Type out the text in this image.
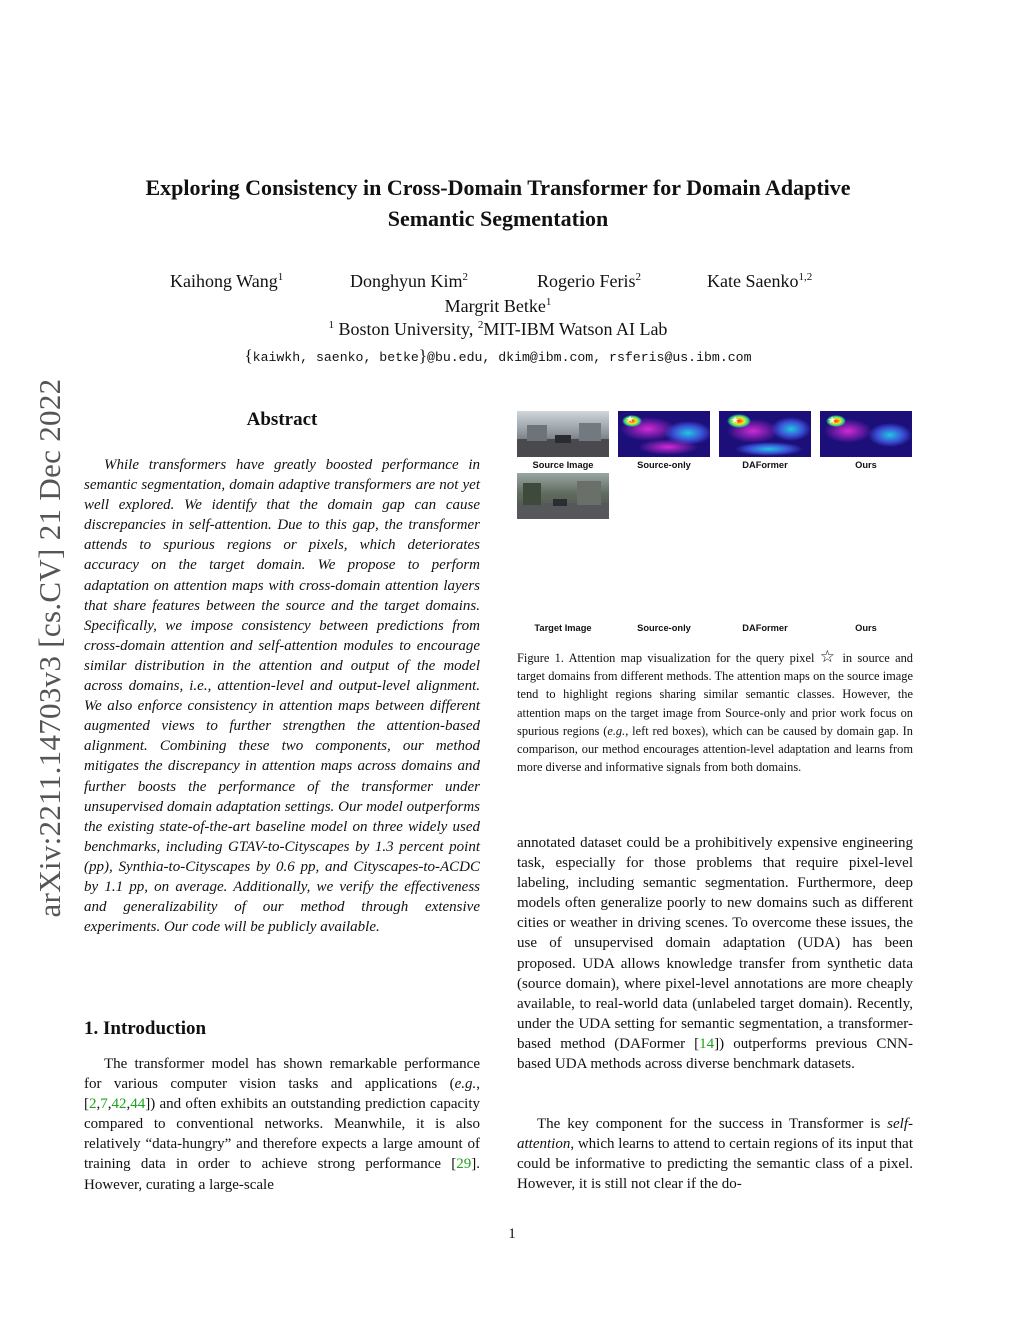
arXiv:2211.14703v3 [cs.CV] 21 Dec 2022
Exploring Consistency in Cross-Domain Transformer for Domain Adaptive
Semantic Segmentation
Kaihong Wang$^1$	Donghyun Kim$^2$	Rogerio Feris$^2$	Kate Saenko$^{1,2}$
Margrit Betke$^1$
$^1$ Boston University, $^2$MIT-IBM Watson AI Lab
{kaiwkh, saenko, betke}@bu.edu, dkim@ibm.com, rsferis@us.ibm.com
Abstract
While transformers have greatly boosted performance in semantic segmentation, domain adaptive transformers are not yet well explored. We identify that the domain gap can cause discrepancies in self-attention. Due to this gap, the transformer attends to spurious regions or pixels, which deteriorates accuracy on the target domain. We propose to perform adaptation on attention maps with cross-domain attention layers that share features between the source and the target domains. Specifically, we impose consistency between predictions from cross-domain attention and self-attention modules to encourage similar distribution in the attention and output of the model across domains, i.e., attention-level and output-level alignment. We also enforce consistency in attention maps between different augmented views to further strengthen the attention-based alignment. Combining these two components, our method mitigates the discrepancy in attention maps across domains and further boosts the performance of the transformer under unsupervised domain adaptation settings. Our model outperforms the existing state-of-the-art baseline model on three widely used benchmarks, including GTAV-to-Cityscapes by 1.3 percent point (pp), Synthia-to-Cityscapes by 0.6 pp, and Cityscapes-to-ACDC by 1.1 pp, on average. Additionally, we verify the effectiveness and generalizability of our method through extensive experiments. Our code will be publicly available.
1. Introduction
The transformer model has shown remarkable performance for various computer vision tasks and applications (e.g., [2,7,42,44]) and often exhibits an outstanding prediction capacity compared to conventional networks. Meanwhile, it is also relatively “data-hungry” and therefore expects a large amount of training data in order to achieve strong performance [29]. However, curating a large-scale
annotated dataset could be a prohibitively expensive engineering task, especially for those problems that require pixel-level labeling, including semantic segmentation. Furthermore, deep models often generalize poorly to new domains such as different cities or weather in driving scenes. To overcome these issues, the use of unsupervised domain adaptation (UDA) has been proposed. UDA allows knowledge transfer from synthetic data (source domain), where pixel-level annotations are more cheaply available, to real-world data (unlabeled target domain). Recently, under the UDA setting for semantic segmentation, a transformer-based method (DAFormer [14]) outperforms previous CNN-based UDA methods across diverse benchmark datasets.
The key component for the success in Transformer is self-attention, which learns to attend to certain regions of its input that could be informative to predicting the semantic class of a pixel. However, it is still not clear if the do-
★	★	★
Source Image	Source-only	DAFormer	Ours
Target Image	Source-only	DAFormer	Ours
Figure 1. Attention map visualization for the query pixel ☆ in source and target domains from different methods. The attention maps on the source image tend to highlight regions sharing similar semantic classes. However, the attention maps on the target image from Source-only and prior work focus on spurious regions (e.g., left red boxes), which can be caused by domain gap. In comparison, our method encourages attention-level adaptation and learns from more diverse and informative signals from both domains.
1
